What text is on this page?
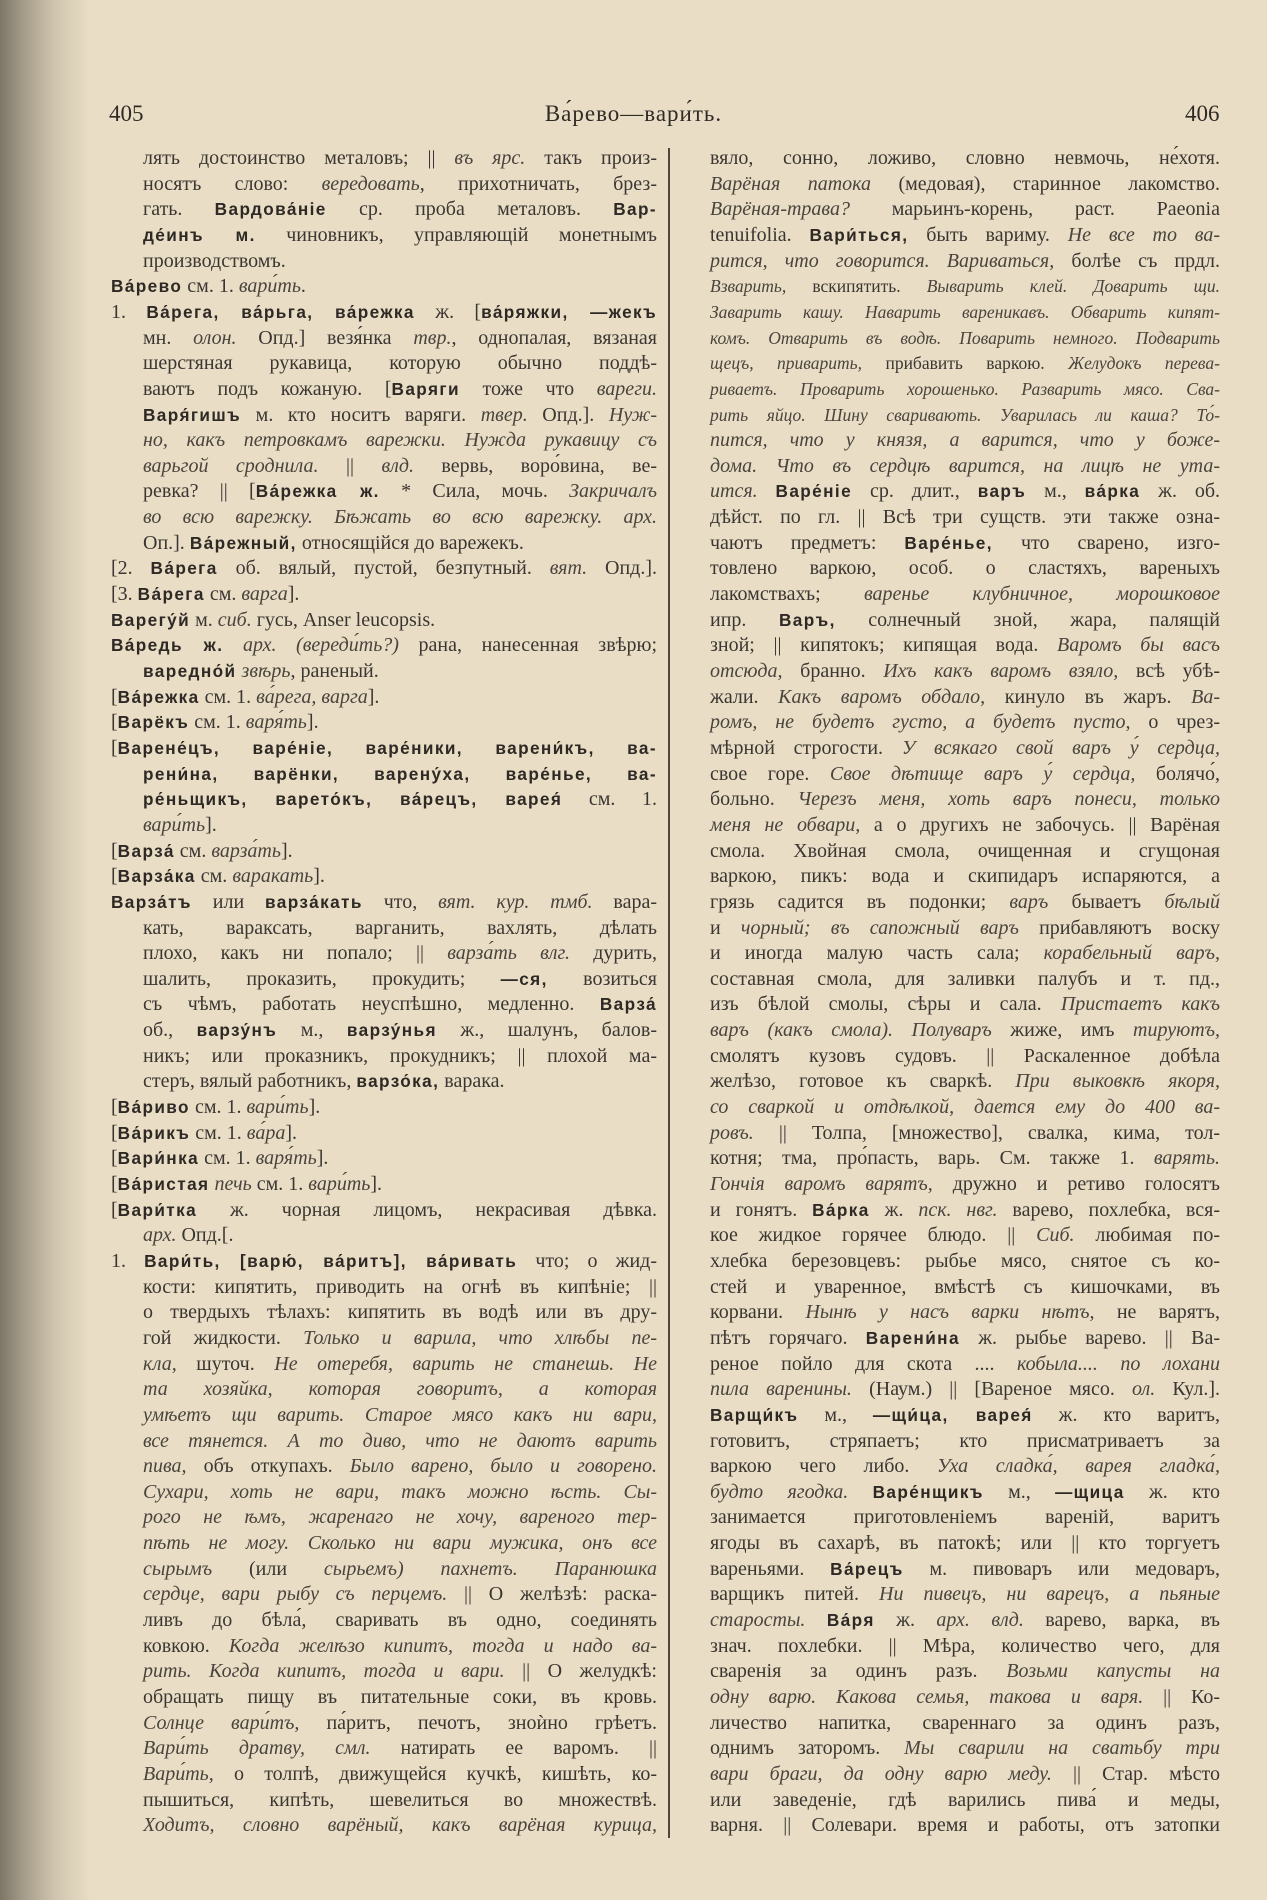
405	Ва́рево—вари́ть.	406
лять достоинство металовъ; || въ ярс. такъ произ-
носятъ слово: вередовать, прихотничать, брез-
гать. Вардова́ніе ср. проба металовъ. Вар-
де́инъ м. чиновникъ, управляющій монетнымъ
производствомъ.
Ва́рево см. 1. вари́ть.
1. Ва́рега, ва́рьга, ва́режка ж. [ва́ряжки, —жекъ
мн. олон. Опд.] везя́нка твр., однопалая, вязаная
шерстяная рукавица, которую обычно поддѣ-
ваютъ подъ кожаную. [Варяги тоже что вареги.
Варя́гишъ м. кто носитъ варяги. твер. Опд.]. Нуж-
но, какъ петровкамъ варежки. Нужда рукавицу съ
варьгой сроднила. || влд. вервь, воро́вина, ве-
ревка? || [Ва́режка ж. * Сила, мочь. Закричалъ
во всю варежку. Бѣжать во всю варежку. арх.
Оп.]. Ва́режный, относящійся до варежекъ.
[2. Ва́рега об. вялый, пустой, безпутный. вят. Опд.].
[3. Ва́рега см. варга].
Варегу́й м. сиб. гусь, Anser leucopsis.
Ва́редь ж. арх. (вереди́ть?) рана, нанесенная звѣрю;
варедно́й звѣрь, раненый.
[Ва́режка см. 1. ва́рега, варга].
[Варёкъ см. 1. варя́ть].
[Варене́цъ, варе́ніе, варе́ники, варени́къ, ва-
рени́на, варёнки, варену́ха, варе́нье, ва-
ре́ньщикъ, варето́къ, ва́рецъ, варея́ см. 1.
вари́ть].
[Варза́ см. варза́ть].
[Варза́ка см. варакать].
Варза́тъ или варза́кать что, вят. кур. тмб. вара-
кать, вараксать, варганить, вахлять, дѣлать
плохо, какъ ни попало; || варза́ть влг. дурить,
шалить, проказить, прокудить; —ся, возиться
съ чѣмъ, работать неуспѣшно, медленно. Варза́
об., варзу́нъ м., варзу́нья ж., шалунъ, балов-
никъ; или проказникъ, прокудникъ; || плохой ма-
стеръ, вялый работникъ, варзо́ка, варака.
[Ва́риво см. 1. вари́ть].
[Ва́рикъ см. 1. ва́ра].
[Вари́нка см. 1. варя́ть].
[Ва́ристая печь см. 1. вари́ть].
[Вари́тка ж. чорная лицомъ, некрасивая дѣвка.
арх. Опд.[.
1. Вари́ть, [варю́, ва́ритъ], ва́ривать что; о жид-
кости: кипятить, приводить на огнѣ въ кипѣніе; ||
о твердыхъ тѣлахъ: кипятить въ водѣ или въ дру-
гой жидкости. Только и варила, что хлѣбы пе-
кла, шуточ. Не отеребя, варить не станешь. Не
та хозяйка, которая говоритъ, а которая
умѣетъ щи варить. Старое мясо какъ ни вари,
все тянется. А то диво, что не даютъ варить
пива, объ откупахъ. Было варено, было и говорено.
Сухари, хоть не вари, такъ можно ѣсть. Сы-
рого не ѣмъ, жаренаго не хочу, вареного тер-
пѣть не могу. Сколько ни вари мужика, онъ все
сырымъ (или сырьемъ) пахнетъ. Паранюшка
сердце, вари рыбу съ перцемъ. || О желѣзѣ: раска-
ливъ до бѣла́, сваривать въ одно, соединять
ковкою. Когда желѣзо кипитъ, тогда и надо ва-
рить. Когда кипитъ, тогда и вари. || О желудкѣ:
обращать пищу въ питательные соки, въ кровь.
Солнце вари́тъ, па́ритъ, печотъ, зноѝно грѣетъ.
Вари́ть дратву, смл. натирать ее варомъ. ||
Вари́ть, о толпѣ, движущейся кучкѣ, кишѣть, ко-
пышиться, кипѣть, шевелиться во множествѣ.
Ходитъ, словно варёный, какъ варёная курица,
вяло, сонно, ложиво, словно невмочь, не́хотя.
Варёная патока (медовая), старинное лакомство.
Варёная-трава? марьинъ-корень, раст. Paeonia
tenuifolia. Вари́ться, быть вариму. Не все то ва-
рится, что говорится. Вариваться, болѣе съ прдл.
Взварить, вскипятить. Выварить клей. Доварить щи.
Заварить кашу. Наварить вареникавъ. Обварить кипят-
комъ. Отварить въ водѣ. Поварить немного. Подварить
щецъ, приварить, прибавить варкою. Желудокъ перева-
риваетъ. Проварить хорошенько. Разварить мясо. Сва-
рить яйцо. Шину сваривають. Уварилась ли каша? То́-
пится, что у князя, а варится, что у боже-
дома. Что въ сердцѣ варится, на лицѣ не ута-
ится. Варе́ніе ср. длит., варъ м., ва́рка ж. об.
дѣйст. по гл. || Всѣ три сущств. эти также озна-
чаютъ предметъ: Варе́нье, что сварено, изго-
товлено варкою, особ. о сластяхъ, вареныхъ
лакомствахъ; варенье клубничное, морошковое
ипр. Варъ, солнечный зной, жара, палящій
зной; || кипятокъ; кипящая вода. Варомъ бы васъ
отсюда, бранно. Ихъ какъ варомъ взяло, всѣ убѣ-
жали. Какъ варомъ обдало, кинуло въ жаръ. Ва-
ромъ, не будетъ густо, а будетъ пусто, о чрез-
мѣрной строгости. У всякаго свой варъ у́ сердца,
свое горе. Свое дѣтище варъ у́ сердца, болячо́,
больно. Черезъ меня, хоть варъ понеси, только
меня не обвари, а о другихъ не забочусь. || Варёная
смола. Хвойная смола, очищенная и сгущоная
варкою, пикъ: вода и скипидаръ испаряются, а
грязь садится въ подонки; варъ бываетъ бѣлый
и чорный; въ сапожный варъ прибавляютъ воску
и иногда малую часть сала; корабельный варъ,
составная смола, для заливки палубъ и т. пд.,
изъ бѣлой смолы, сѣры и сала. Пристаетъ какъ
варъ (какъ смола). Полуваръ жиже, имъ тируютъ,
смолятъ кузовъ судовъ. || Раскаленное добѣла
желѣзо, готовое къ сваркѣ. При выковкѣ якоря,
со сваркой и отдѣлкой, дается ему до 400 ва-
ровъ. || Толпа, [множество], свалка, кима, тол-
котня; тма, про́пасть, варь. См. также 1. варять.
Гончія варомъ варятъ, дружно и ретиво голосятъ
и гонятъ. Ва́рка ж. пск. нвг. варево, похлебка, вся-
кое жидкое горячее блюдо. || Сиб. любимая по-
хлебка березовцевъ: рыбье мясо, снятое съ ко-
стей и уваренное, вмѣстѣ съ кишочками, въ
корвани. Нынѣ у насъ варки нѣтъ, не варятъ,
пѣтъ горячаго. Варени́на ж. рыбье варево. || Ва-
реное пойло для скота .... кобыла.... по лохани
пила варенины. (Наум.) || [Вареное мясо. ол. Кул.].
Варщи́къ м., —щи́ца, варея́ ж. кто варитъ,
готовитъ, стряпаетъ; кто присматриваетъ за
варкою чего либо. Уха сладка́, варея гладка́,
будто ягодка. Варе́нщикъ м., —щица ж. кто
занимается приготовленіемъ вареній, варитъ
ягоды въ сахарѣ, въ патокѣ; или || кто торгуетъ
вареньями. Ва́рецъ м. пивоваръ или медоваръ,
варщикъ питей. Ни пивецъ, ни варецъ, а пьяные
старосты. Ва́ря ж. арх. влд. варево, варка, въ
знач. похлебки. || Мѣра, количество чего, для
сваренія за одинъ разъ. Возьми капусты на
одну варю. Какова семья, такова и варя. || Ко-
личество напитка, свареннаго за одинъ разъ,
однимъ заторомъ. Мы сварили на сватьбу три
вари браги, да одну варю меду. || Стар. мѣсто
или заведеніе, гдѣ варились пива́ и меды,
варня. || Солевари. время и работы, отъ затопки
